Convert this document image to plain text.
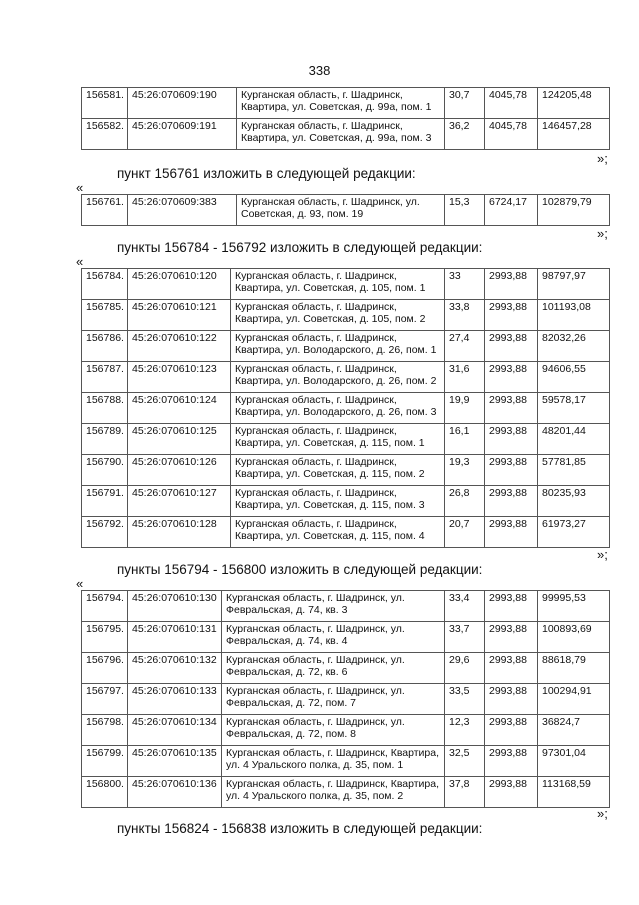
338
156581.	45:26:070609:190	Курганская область, г. Шадринск, Квартира, ул. Советская, д. 99а, пом. 1	30,7	4045,78	124205,48
156582.	45:26:070609:191	Курганская область, г. Шадринск, Квартира, ул. Советская, д. 99а, пом. 3	36,2	4045,78	146457,28
»;
пункт 156761 изложить в следующей редакции:
«
156761.	45:26:070609:383	Курганская область, г. Шадринск, ул. Советская, д. 93, пом. 19	15,3	6724,17	102879,79
»;
пункты 156784 - 156792 изложить в следующей редакции:
«
156784.	45:26:070610:120	Курганская область, г. Шадринск, Квартира, ул. Советская, д. 105, пом. 1	33	2993,88	98797,97
156785.	45:26:070610:121	Курганская область, г. Шадринск, Квартира, ул. Советская, д. 105, пом. 2	33,8	2993,88	101193,08
156786.	45:26:070610:122	Курганская область, г. Шадринск, Квартира, ул. Володарского, д. 26, пом. 1	27,4	2993,88	82032,26
156787.	45:26:070610:123	Курганская область, г. Шадринск, Квартира, ул. Володарского, д. 26, пом. 2	31,6	2993,88	94606,55
156788.	45:26:070610:124	Курганская область, г. Шадринск, Квартира, ул. Володарского, д. 26, пом. 3	19,9	2993,88	59578,17
156789.	45:26:070610:125	Курганская область, г. Шадринск, Квартира, ул. Советская, д. 115, пом. 1	16,1	2993,88	48201,44
156790.	45:26:070610:126	Курганская область, г. Шадринск, Квартира, ул. Советская, д. 115, пом. 2	19,3	2993,88	57781,85
156791.	45:26:070610:127	Курганская область, г. Шадринск, Квартира, ул. Советская, д. 115, пом. 3	26,8	2993,88	80235,93
156792.	45:26:070610:128	Курганская область, г. Шадринск, Квартира, ул. Советская, д. 115, пом. 4	20,7	2993,88	61973,27
»;
пункты 156794 - 156800 изложить в следующей редакции:
«
156794.	45:26:070610:130	Курганская область, г. Шадринск, ул. Февральская, д. 74, кв. 3	33,4	2993,88	99995,53
156795.	45:26:070610:131	Курганская область, г. Шадринск, ул. Февральская, д. 74, кв. 4	33,7	2993,88	100893,69
156796.	45:26:070610:132	Курганская область, г. Шадринск, ул. Февральская, д. 72, кв. 6	29,6	2993,88	88618,79
156797.	45:26:070610:133	Курганская область, г. Шадринск, ул. Февральская, д. 72, пом. 7	33,5	2993,88	100294,91
156798.	45:26:070610:134	Курганская область, г. Шадринск, ул. Февральская, д. 72, пом. 8	12,3	2993,88	36824,7
156799.	45:26:070610:135	Курганская область, г. Шадринск, Квартира, ул. 4 Уральского полка, д. 35, пом. 1	32,5	2993,88	97301,04
156800.	45:26:070610:136	Курганская область, г. Шадринск, Квартира, ул. 4 Уральского полка, д. 35, пом. 2	37,8	2993,88	113168,59
»;
пункты 156824 - 156838 изложить в следующей редакции:
